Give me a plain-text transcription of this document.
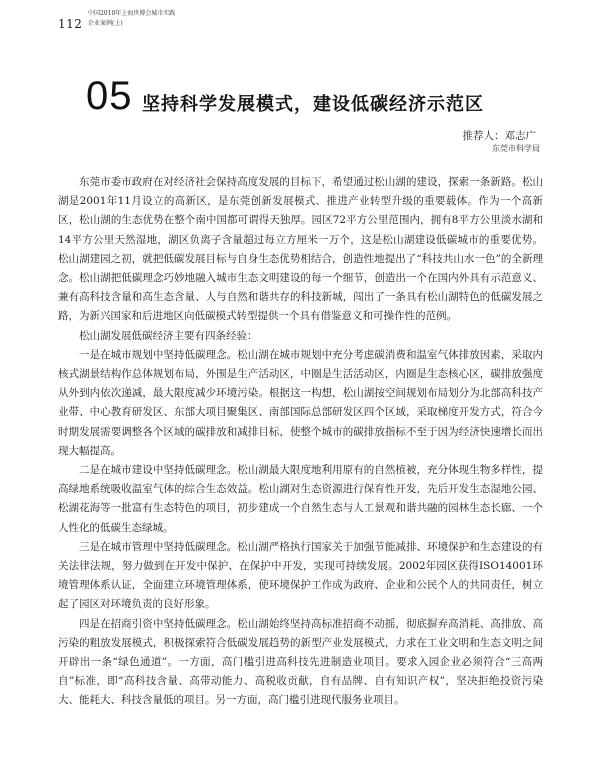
112
中国2010年上海世博会城市实践
企业案例(上)
05 坚持科学发展模式，建设低碳经济示范区
推荐人：邓志广
东莞市科学局

东莞市委市政府在对经济社会保持高度发展的目标下，希望通过松山湖的建设，探索一条新路。松山湖是2001年11月设立的高新区，是东莞创新发展模式、推进产业转型升级的重要载体。作为一个高新区，松山湖的生态优势在整个南中国都可谓得天独厚。园区72平方公里范围内，拥有8平方公里淡水湖和14平方公里天然湿地，湖区负离子含量超过每立方厘米一万个，这是松山湖建设低碳城市的重要优势。松山湖建园之初，就把低碳发展目标与自身生态优势相结合，创造性地提出了“科技共山水一色”的全新理念。松山湖把低碳理念巧妙地融入城市生态文明建设的每一个细节，创造出一个在国内外具有示范意义、兼有高科技含量和高生态含量、人与自然和谐共存的科技新城，闯出了一条具有松山湖特色的低碳发展之路，为新兴国家和后进地区向低碳模式转型提供一个具有借鉴意义和可操作性的范例。

松山湖发展低碳经济主要有四条经验：

一是在城市规划中坚持低碳理念。松山湖在城市规划中充分考虑碳消费和温室气体排放因素，采取内核式湖景结构作总体规划布局，外围是生产活动区，中圈是生活活动区，内圈是生态核心区，碳排放强度从外到内依次递减，最大限度减少环境污染。根据这一构想，松山湖按空间规划布局划分为北部高科技产业带、中心教育研发区、东部大项目聚集区、南部国际总部研发区四个区域，采取梯度开发方式，符合今时期发展需要调整各个区域的碳排放和减排目标，使整个城市的碳排放指标不至于因为经济快速增长而出现大幅提高。

二是在城市建设中坚持低碳理念。松山湖最大限度地利用原有的自然植被，充分体现生物多样性，提高绿地系统吸收温室气体的综合生态效益。松山湖对生态资源进行保育性开发，先后开发生态湿地公园、松湖花海等一批富有生态特色的项目，初步建成一个自然生态与人工景观和谐共融的园林生态长廊、一个人性化的低碳生态绿城。

三是在城市管理中坚持低碳理念。松山湖严格执行国家关于加强节能减排、环境保护和生态建设的有关法律法规，努力做到在开发中保护、在保护中开发，实现可持续发展。2002年园区获得ISO14001环境管理体系认证，全面建立环境管理体系，使环境保护工作成为政府、企业和公民个人的共同责任，树立起了园区对环境负责的良好形象。

四是在招商引资中坚持低碳理念。松山湖始终坚持高标准招商不动摇，彻底摒弃高消耗、高排放、高污染的粗放发展模式，积极探索符合低碳发展趋势的新型产业发展模式，力求在工业文明和生态文明之间开辟出一条“绿色通道”。一方面，高门槛引进高科技先进制造业项目。要求入园企业必须符合“三高两自”标准，即“高科技含量、高带动能力、高税收贡献，自有品牌、自有知识产权”，坚决拒绝投资污染大、能耗大、科技含量低的项目。另一方面，高门槛引进现代服务业项目。
